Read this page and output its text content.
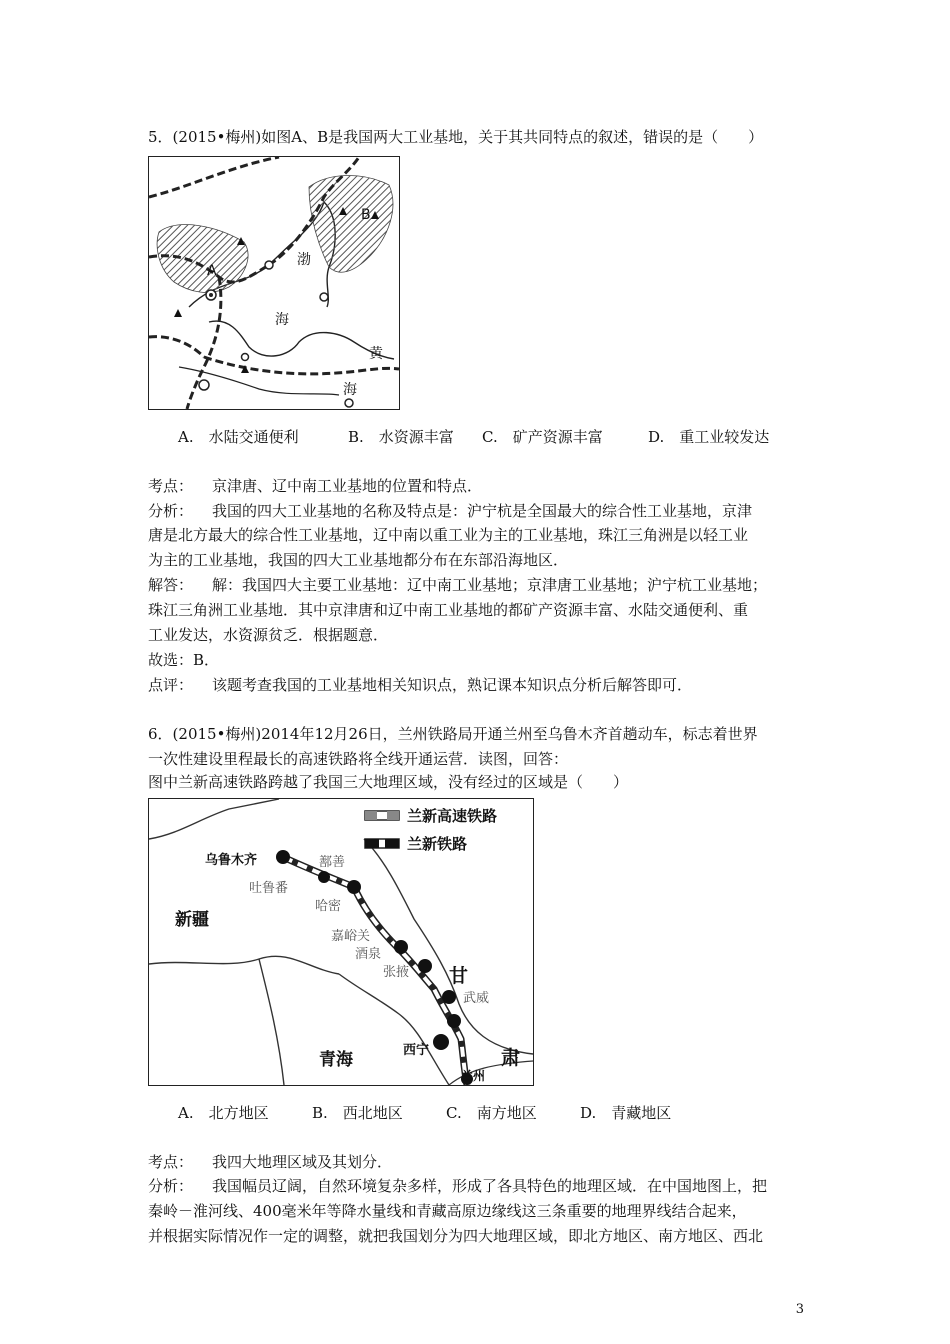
5．(2015•梅州)如图A、B是我国两大工业基地，关于其共同特点的叙述，错误的是（　　）
A
B
渤
海
黄
海
A.　水陆交通便利	B.　水资源丰富 C.　矿产资源丰富	D.　重工业较发达
考点： 京津唐、辽中南工业基地的位置和特点．
分析： 我国的四大工业基地的名称及特点是：沪宁杭是全国最大的综合性工业基地，京津
唐是北方最大的综合性工业基地，辽中南以重工业为主的工业基地，珠江三角洲是以轻工业
为主的工业基地，我国的四大工业基地都分布在东部沿海地区．
解答： 解：我国四大主要工业基地：辽中南工业基地；京津唐工业基地；沪宁杭工业基地；
珠江三角洲工业基地．其中京津唐和辽中南工业基地的都矿产资源丰富、水陆交通便利、重
工业发达，水资源贫乏．根据题意．
故选：B．
点评： 该题考查我国的工业基地相关知识点，熟记课本知识点分析后解答即可．
6．(2015•梅州)2014年12月26日，兰州铁路局开通兰州至乌鲁木齐首趟动车，标志着世界
一次性建设里程最长的高速铁路将全线开通运营．读图，回答：
图中兰新高速铁路跨越了我国三大地理区域，没有经过的区域是（　　）
兰新高速铁路
兰新铁路
乌鲁木齐	鄯善
吐鲁番
哈密
嘉峪关
酒泉
张掖
武威
西宁
兰州
新疆
青海
甘
肃
A.　北方地区	B.　西北地区	C.　南方地区	D.　青藏地区
考点： 我四大地理区域及其划分．
分析： 我国幅员辽阔，自然环境复杂多样，形成了各具特色的地理区域．在中国地图上，把
秦岭－淮河线、400毫米年等降水量线和青藏高原边缘线这三条重要的地理界线结合起来，
并根据实际情况作一定的调整，就把我国划分为四大地理区域，即北方地区、南方地区、西北
3
